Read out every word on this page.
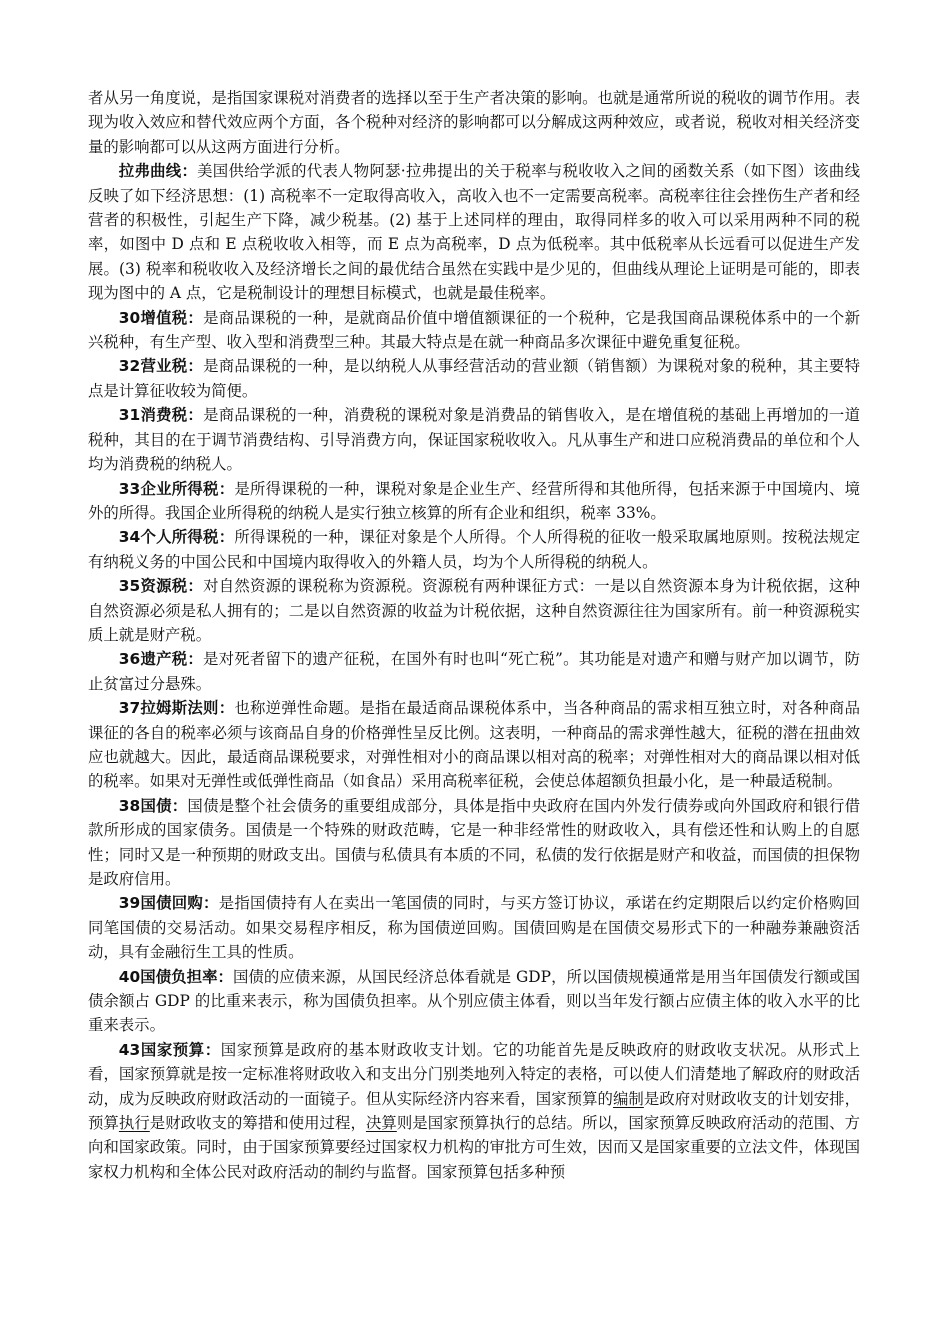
者从另一角度说，是指国家课税对消费者的选择以至于生产者决策的影响。也就是通常所说的税收的调节作用。表现为收入效应和替代效应两个方面，各个税种对经济的影响都可以分解成这两种效应，或者说，税收对相关经济变量的影响都可以从这两方面进行分析。

拉弗曲线：美国供给学派的代表人物阿瑟·拉弗提出的关于税率与税收收入之间的函数关系（如下图）该曲线反映了如下经济思想：(1) 高税率不一定取得高收入，高收入也不一定需要高税率。高税率往往会挫伤生产者和经营者的积极性，引起生产下降，减少税基。(2) 基于上述同样的理由，取得同样多的收入可以采用两种不同的税率，如图中 D 点和 E 点税收收入相等，而 E 点为高税率，D 点为低税率。其中低税率从长远看可以促进生产发展。(3) 税率和税收收入及经济增长之间的最优结合虽然在实践中是少见的，但曲线从理论上证明是可能的，即表现为图中的 A 点，它是税制设计的理想目标模式，也就是最佳税率。

30增值税：是商品课税的一种，是就商品价值中增值额课征的一个税种，它是我国商品课税体系中的一个新兴税种，有生产型、收入型和消费型三种。其最大特点是在就一种商品多次课征中避免重复征税。

32营业税：是商品课税的一种，是以纳税人从事经营活动的营业额（销售额）为课税对象的税种，其主要特点是计算征收较为简便。

31消费税：是商品课税的一种，消费税的课税对象是消费品的销售收入，是在增值税的基础上再增加的一道税种，其目的在于调节消费结构、引导消费方向，保证国家税收收入。凡从事生产和进口应税消费品的单位和个人均为消费税的纳税人。

33企业所得税：是所得课税的一种，课税对象是企业生产、经营所得和其他所得，包括来源于中国境内、境外的所得。我国企业所得税的纳税人是实行独立核算的所有企业和组织，税率 33%。

34个人所得税：所得课税的一种，课征对象是个人所得。个人所得税的征收一般采取属地原则。按税法规定有纳税义务的中国公民和中国境内取得收入的外籍人员，均为个人所得税的纳税人。

35资源税：对自然资源的课税称为资源税。资源税有两种课征方式：一是以自然资源本身为计税依据，这种自然资源必须是私人拥有的；二是以自然资源的收益为计税依据，这种自然资源往往为国家所有。前一种资源税实质上就是财产税。

36遗产税：是对死者留下的遗产征税，在国外有时也叫“死亡税”。其功能是对遗产和赠与财产加以调节，防止贫富过分悬殊。

37拉姆斯法则：也称逆弹性命题。是指在最适商品课税体系中，当各种商品的需求相互独立时，对各种商品课征的各自的税率必须与该商品自身的价格弹性呈反比例。这表明，一种商品的需求弹性越大，征税的潜在扭曲效应也就越大。因此，最适商品课税要求，对弹性相对小的商品课以相对高的税率；对弹性相对大的商品课以相对低的税率。如果对无弹性或低弹性商品（如食品）采用高税率征税，会使总体超额负担最小化，是一种最适税制。

38国债：国债是整个社会债务的重要组成部分，具体是指中央政府在国内外发行债券或向外国政府和银行借款所形成的国家债务。国债是一个特殊的财政范畴，它是一种非经常性的财政收入，具有偿还性和认购上的自愿性；同时又是一种预期的财政支出。国债与私债具有本质的不同，私债的发行依据是财产和收益，而国债的担保物是政府信用。

39国债回购：是指国债持有人在卖出一笔国债的同时，与买方签订协议，承诺在约定期限后以约定价格购回同笔国债的交易活动。如果交易程序相反，称为国债逆回购。国债回购是在国债交易形式下的一种融券兼融资活动，具有金融衍生工具的性质。

40国债负担率：国债的应债来源，从国民经济总体看就是 GDP，所以国债规模通常是用当年国债发行额或国债余额占 GDP 的比重来表示，称为国债负担率。从个别应债主体看，则以当年发行额占应债主体的收入水平的比重来表示。

43国家预算：国家预算是政府的基本财政收支计划。它的功能首先是反映政府的财政收支状况。从形式上看，国家预算就是按一定标准将财政收入和支出分门别类地列入特定的表格，可以使人们清楚地了解政府的财政活动，成为反映政府财政活动的一面镜子。但从实际经济内容来看，国家预算的编制是政府对财政收支的计划安排，预算执行是财政收支的筹措和使用过程，决算则是国家预算执行的总结。所以，国家预算反映政府活动的范围、方向和国家政策。同时，由于国家预算要经过国家权力机构的审批方可生效，因而又是国家重要的立法文件，体现国家权力机构和全体公民对政府活动的制约与监督。国家预算包括多种预
